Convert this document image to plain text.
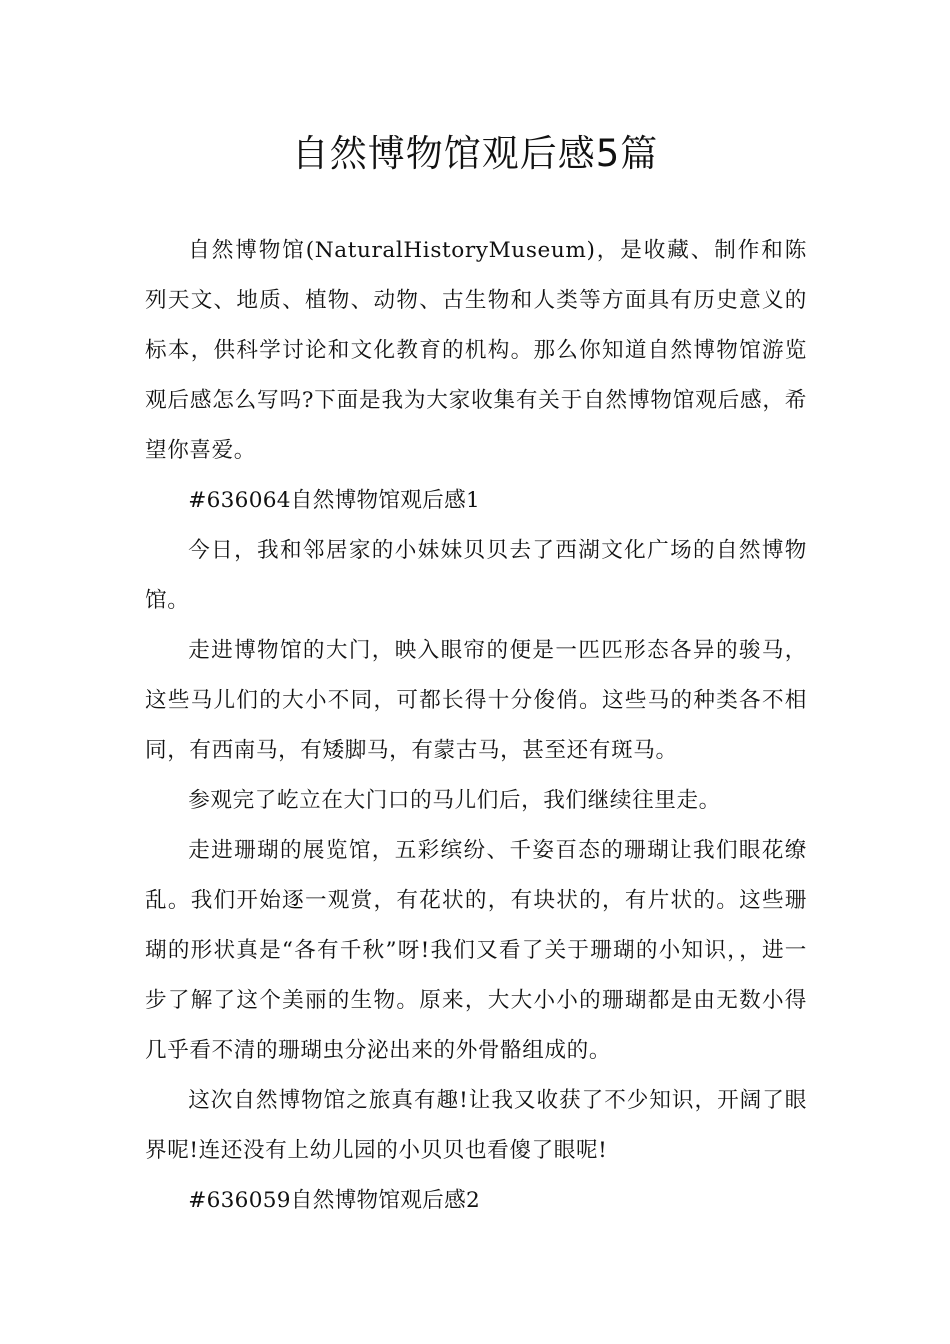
自然博物馆观后感5篇

自然博物馆(NaturalHistoryMuseum)，是收藏、制作和陈列天文、地质、植物、动物、古生物和人类等方面具有历史意义的标本，供科学讨论和文化教育的机构。那么你知道自然博物馆游览观后感怎么写吗?下面是我为大家收集有关于自然博物馆观后感，希望你喜爱。

#636064自然博物馆观后感1

今日，我和邻居家的小妹妹贝贝去了西湖文化广场的自然博物馆。

走进博物馆的大门，映入眼帘的便是一匹匹形态各异的骏马，这些马儿们的大小不同，可都长得十分俊俏。这些马的种类各不相同，有西南马，有矮脚马，有蒙古马，甚至还有斑马。

参观完了屹立在大门口的马儿们后，我们继续往里走。

走进珊瑚的展览馆，五彩缤纷、千姿百态的珊瑚让我们眼花缭乱。我们开始逐一观赏，有花状的，有块状的，有片状的。这些珊瑚的形状真是“各有千秋”呀!我们又看了关于珊瑚的小知识，，进一步了解了这个美丽的生物。原来，大大小小的珊瑚都是由无数小得几乎看不清的珊瑚虫分泌出来的外骨骼组成的。

这次自然博物馆之旅真有趣!让我又收获了不少知识，开阔了眼界呢!连还没有上幼儿园的小贝贝也看傻了眼呢!

#636059自然博物馆观后感2
